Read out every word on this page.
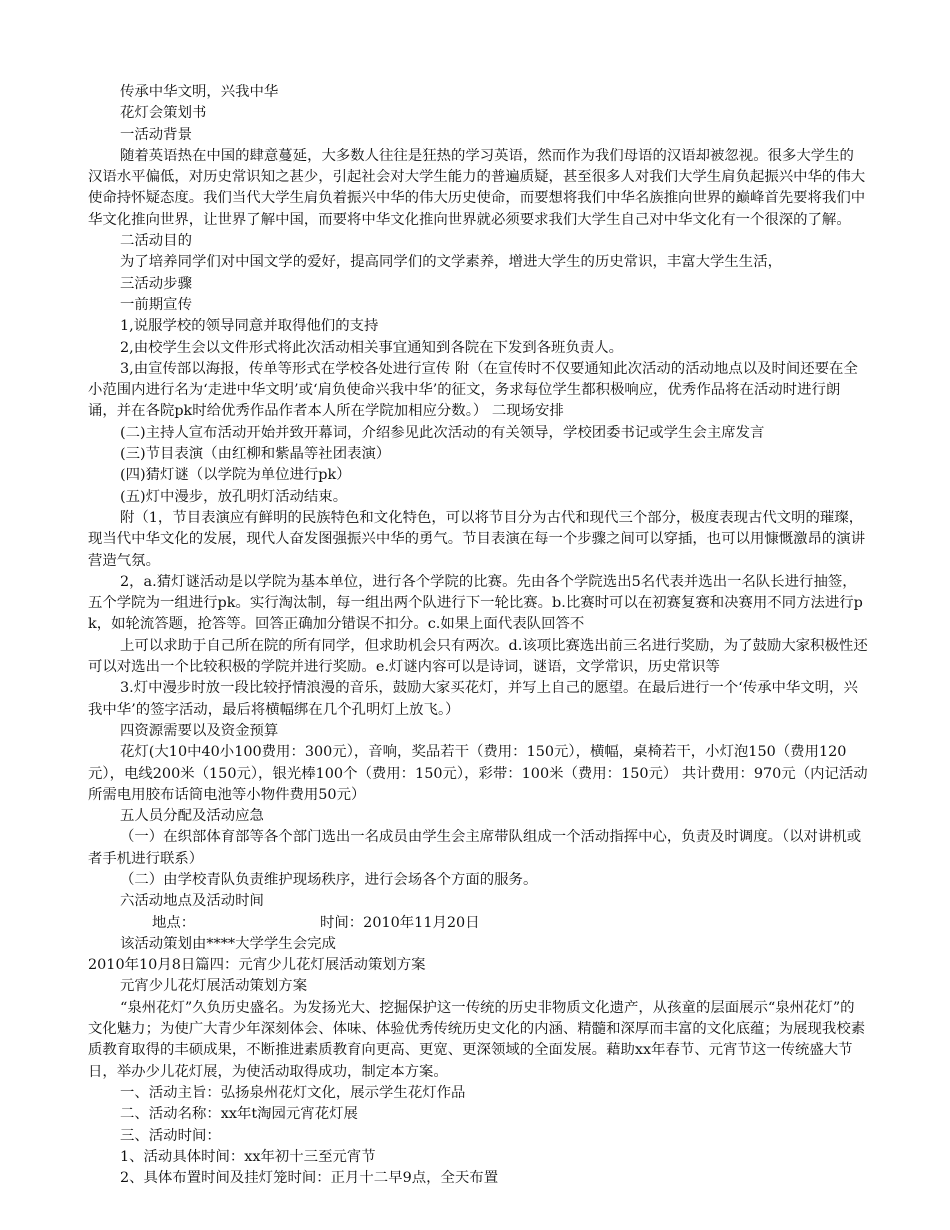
传承中华文明，兴我中华

花灯会策划书

一活动背景

随着英语热在中国的肆意蔓延，大多数人往往是狂热的学习英语，然而作为我们母语的汉语却被忽视。很多大学生的汉语水平偏低，对历史常识知之甚少，引起社会对大学生能力的普遍质疑，甚至很多人对我们大学生肩负起振兴中华的伟大使命持怀疑态度。我们当代大学生肩负着振兴中华的伟大历史使命，而要想将我们中华名族推向世界的巅峰首先要将我们中华文化推向世界，让世界了解中国，而要将中华文化推向世界就必须要求我们大学生自己对中华文化有一个很深的了解。

二活动目的

为了培养同学们对中国文学的爱好，提高同学们的文学素养，增进大学生的历史常识，丰富大学生生活，

三活动步骤

一前期宣传

1,说服学校的领导同意并取得他们的支持

2,由校学生会以文件形式将此次活动相关事宜通知到各院在下发到各班负责人。

3,由宣传部以海报，传单等形式在学校各处进行宣传 附（在宣传时不仅要通知此次活动的活动地点以及时间还要在全小范围内进行名为‘走进中华文明’或‘肩负使命兴我中华’的征文，务求每位学生都积极响应，优秀作品将在活动时进行朗诵，并在各院pk时给优秀作品作者本人所在学院加相应分数。） 二现场安排

(二)主持人宣布活动开始并致开幕词，介绍参见此次活动的有关领导，学校团委书记或学生会主席发言

(三)节目表演（由红柳和紫晶等社团表演）

(四)猜灯谜（以学院为单位进行pk）

(五)灯中漫步，放孔明灯活动结束。

附（1，节目表演应有鲜明的民族特色和文化特色，可以将节目分为古代和现代三个部分，极度表现古代文明的璀璨，现当代中华文化的发展，现代人奋发图强振兴中华的勇气。节目表演在每一个步骤之间可以穿插，也可以用慷慨激昂的演讲营造气氛。

2，a.猜灯谜活动是以学院为基本单位，进行各个学院的比赛。先由各个学院选出5名代表并选出一名队长进行抽签，五个学院为一组进行pk。实行淘汰制，每一组出两个队进行下一轮比赛。b.比赛时可以在初赛复赛和决赛用不同方法进行pk，如轮流答题，抢答等。回答正确加分错误不扣分。c.如果上面代表队回答不

上可以求助于自己所在院的所有同学，但求助机会只有两次。d.该项比赛选出前三名进行奖励，为了鼓励大家积极性还可以对选出一个比较积极的学院并进行奖励。e.灯谜内容可以是诗词，谜语，文学常识，历史常识等

3.灯中漫步时放一段比较抒情浪漫的音乐，鼓励大家买花灯，并写上自己的愿望。在最后进行一个‘传承中华文明，兴我中华’的签字活动，最后将横幅绑在几个孔明灯上放飞。）

四资源需要以及资金预算

花灯(大10中40小100费用：300元），音响，奖品若干（费用：150元），横幅，桌椅若干，小灯泡150（费用120元），电线200米（150元），银光棒100个（费用：150元），彩带：100米（费用：150元） 共计费用：970元（内记活动所需电用胶布话筒电池等小物件费用50元）

五人员分配及活动应急

（一）在织部体育部等各个部门选出一名成员由学生会主席带队组成一个活动指挥中心，负责及时调度。（以对讲机或者手机进行联系）

（二）由学校青队负责维护现场秩序，进行会场各个方面的服务。

六活动地点及活动时间

地点：	时间：2010年11月20日

该活动策划由****大学学生会完成

2010年10月8日篇四：元宵少儿花灯展活动策划方案

元宵少儿花灯展活动策划方案

“泉州花灯”久负历史盛名。为发扬光大、挖掘保护这一传统的历史非物质文化遗产，从孩童的层面展示“泉州花灯”的文化魅力；为使广大青少年深刻体会、体味、体验优秀传统历史文化的内涵、精髓和深厚而丰富的文化底蕴；为展现我校素质教育取得的丰硕成果，不断推进素质教育向更高、更宽、更深领域的全面发展。藉助xx年春节、元宵节这一传统盛大节日，举办少儿花灯展，为使活动取得成功，制定本方案。

一、活动主旨：弘扬泉州花灯文化，展示学生花灯作品

二、活动名称：xx年t淘园元宵花灯展

三、活动时间：

1、活动具体时间：xx年初十三至元宵节

2、具体布置时间及挂灯笼时间：正月十二早9点，全天布置
